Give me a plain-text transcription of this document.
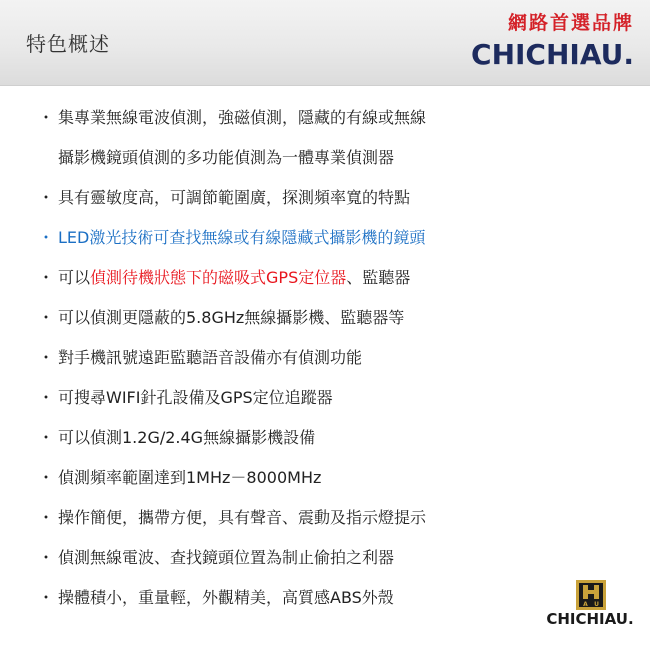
特色概述
網路首選品牌
CHICHIAU.
・ 集專業無線電波偵測，強磁偵測，隱藏的有線或無線
攝影機鏡頭偵測的多功能偵測為一體專業偵測器
・ 具有靈敏度高，可調節範圍廣，探測頻率寬的特點
・ LED激光技術可查找無線或有線隱藏式攝影機的鏡頭
・ 可以偵測待機狀態下的磁吸式GPS定位器、監聽器
・ 可以偵測更隱蔽的5.8GHz無線攝影機、監聽器等
・ 對手機訊號遠距監聽語音設備亦有偵測功能
・ 可搜尋WIFI針孔設備及GPS定位追蹤器
・ 可以偵測1.2G/2.4G無線攝影機設備
・ 偵測頻率範圍達到1MHz－8000MHz
・ 操作簡便，攜帶方便，具有聲音、震動及指示燈提示
・ 偵測無線電波、查找鏡頭位置為制止偷拍之利器
・ 操體積小，重量輕，外觀精美，高質感ABS外殼	A U
CHICHIAU.
